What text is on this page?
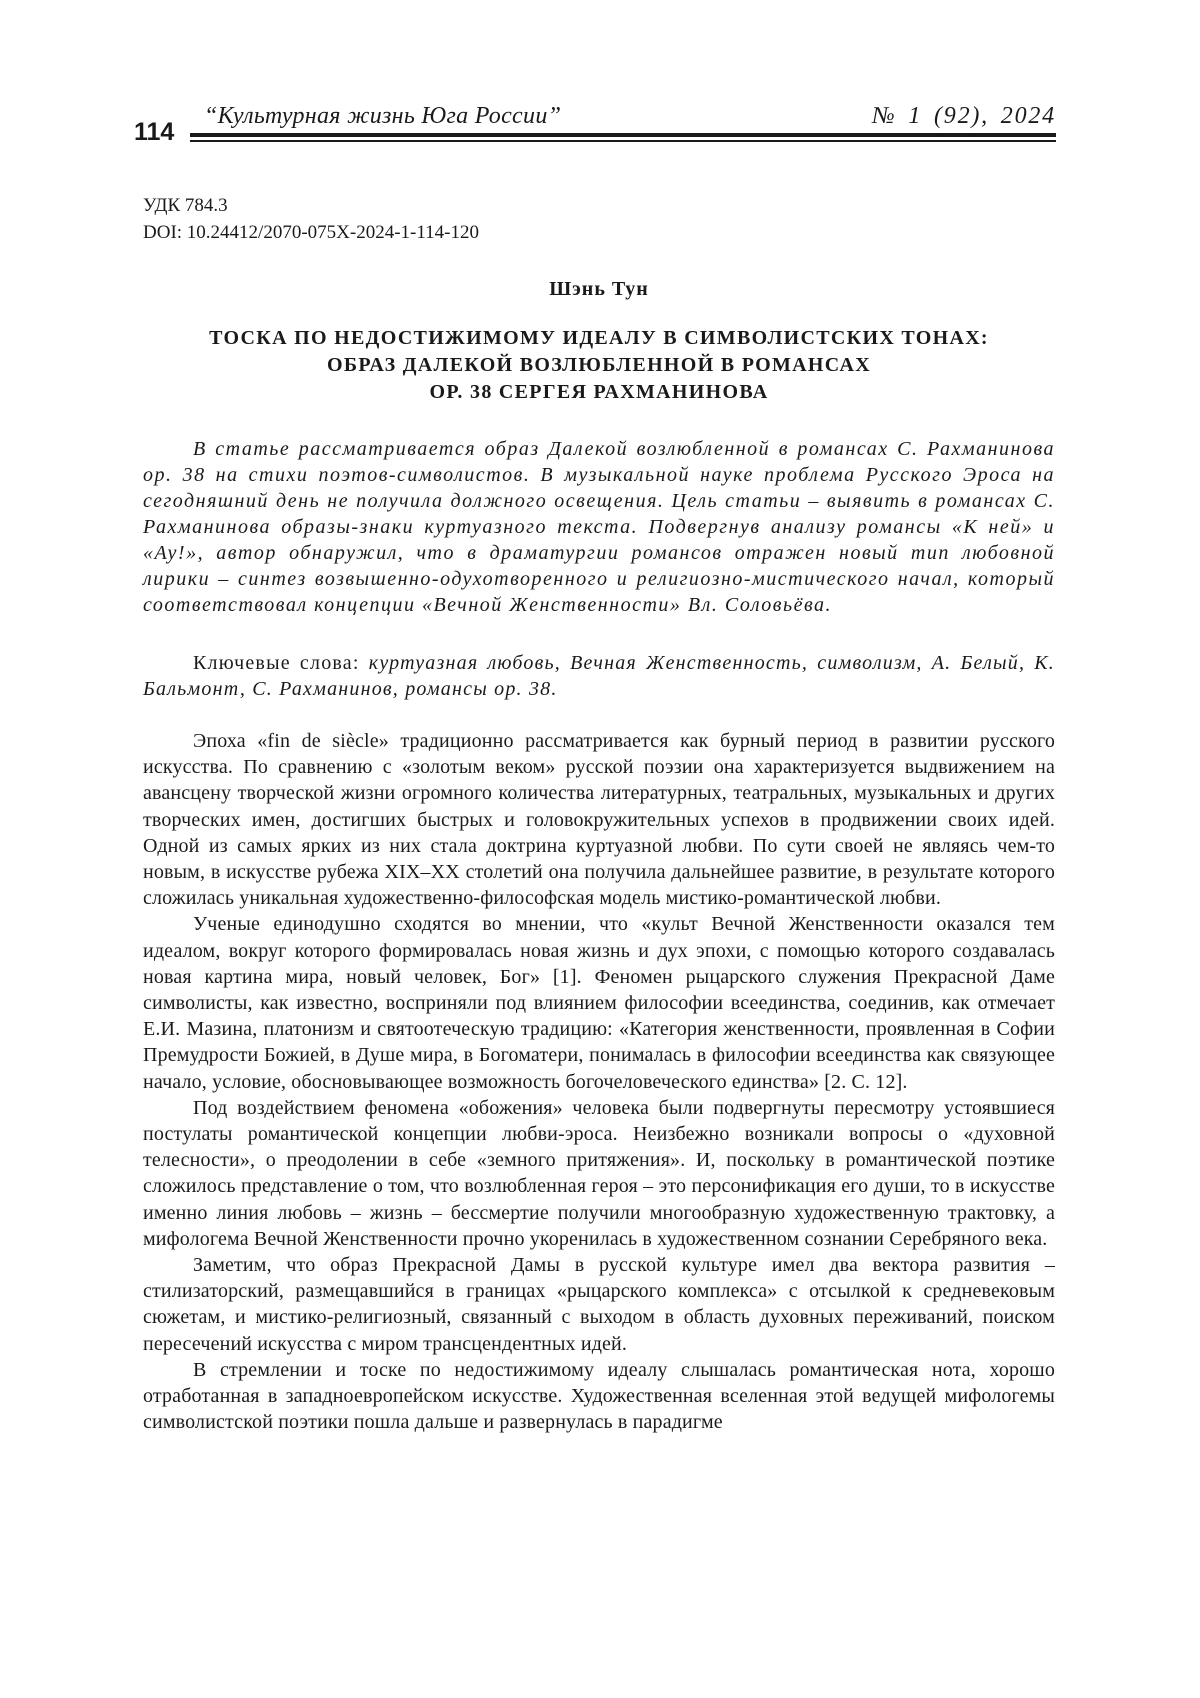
114
“Культурная жизнь Юга России”	№ 1 (92), 2024
УДК 784.3
DOI: 10.24412/2070-075X-2024-1-114-120
Шэнь Тун
ТОСКА ПО НЕДОСТИЖИМОМУ ИДЕАЛУ В СИМВОЛИСТСКИХ ТОНАХ:
ОБРАЗ ДАЛЕКОЙ ВОЗЛЮБЛЕННОЙ В РОМАНСАХ
ОР. 38 СЕРГЕЯ РАХМАНИНОВА

В статье рассматривается образ Далекой возлюбленной в романсах С. Рахманинова ор. 38 на стихи поэтов-символистов. В музыкальной науке проблема Русского Эроса на сегодняшний день не получила должного освещения. Цель статьи – выявить в романсах С. Рахманинова образы-знаки куртуазного текста. Подвергнув анализу романсы «К ней» и «Ау!», автор обнаружил, что в драматургии романсов отражен новый тип любовной лирики – синтез возвышенно-одухотворенного и религиозно-мистического начал, который соответствовал концепции «Вечной Женственности» Вл. Соловьёва.

Ключевые слова: куртуазная любовь, Вечная Женственность, символизм, А. Белый, К. Бальмонт, С. Рахманинов, романсы ор. 38.

Эпоха «fin de siècle» традиционно рассматривается как бурный период в развитии русского искусства. По сравнению с «золотым веком» русской поэзии она характеризуется выдвижением на авансцену творческой жизни огромного количества литературных, театральных, музыкальных и других творческих имен, достигших быстрых и головокружительных успехов в продвижении своих идей. Одной из самых ярких из них стала доктрина куртуазной любви. По сути своей не являясь чем-то новым, в искусстве рубежа XIX–XX столетий она получила дальнейшее развитие, в результате которого сложилась уникальная художественно-философская модель мистико-романтической любви.

Ученые единодушно сходятся во мнении, что «культ Вечной Женственности оказался тем идеалом, вокруг которого формировалась новая жизнь и дух эпохи, с помощью которого создавалась новая картина мира, новый человек, Бог» [1]. Феномен рыцарского служения Прекрасной Даме символисты, как известно, восприняли под влиянием философии всеединства, соединив, как отмечает Е.И. Мазина, платонизм и святоотеческую традицию: «Категория женственности, проявленная в Софии Премудрости Божией, в Душе мира, в Богоматери, понималась в философии всеединства как связующее начало, условие, обосновывающее возможность богочеловеческого единства» [2. С. 12].

Под воздействием феномена «обожения» человека были подвергнуты пересмотру устоявшиеся постулаты романтической концепции любви-эроса. Неизбежно возникали вопросы о «духовной телесности», о преодолении в себе «земного притяжения». И, поскольку в романтической поэтике сложилось представление о том, что возлюбленная героя – это персонификация его души, то в искусстве именно линия любовь – жизнь – бессмертие получили многообразную художественную трактовку, а мифологема Вечной Женственности прочно укоренилась в художественном сознании Серебряного века.

Заметим, что образ Прекрасной Дамы в русской культуре имел два вектора развития – стилизаторский, размещавшийся в границах «рыцарского комплекса» с отсылкой к средневековым сюжетам, и мистико-религиозный, связанный с выходом в область духовных переживаний, поиском пересечений искусства с миром трансцендентных идей.

В стремлении и тоске по недостижимому идеалу слышалась романтическая нота, хорошо отработанная в западноевропейском искусстве. Художественная вселенная этой ведущей мифологемы символистской поэтики пошла дальше и развернулась в парадигме
